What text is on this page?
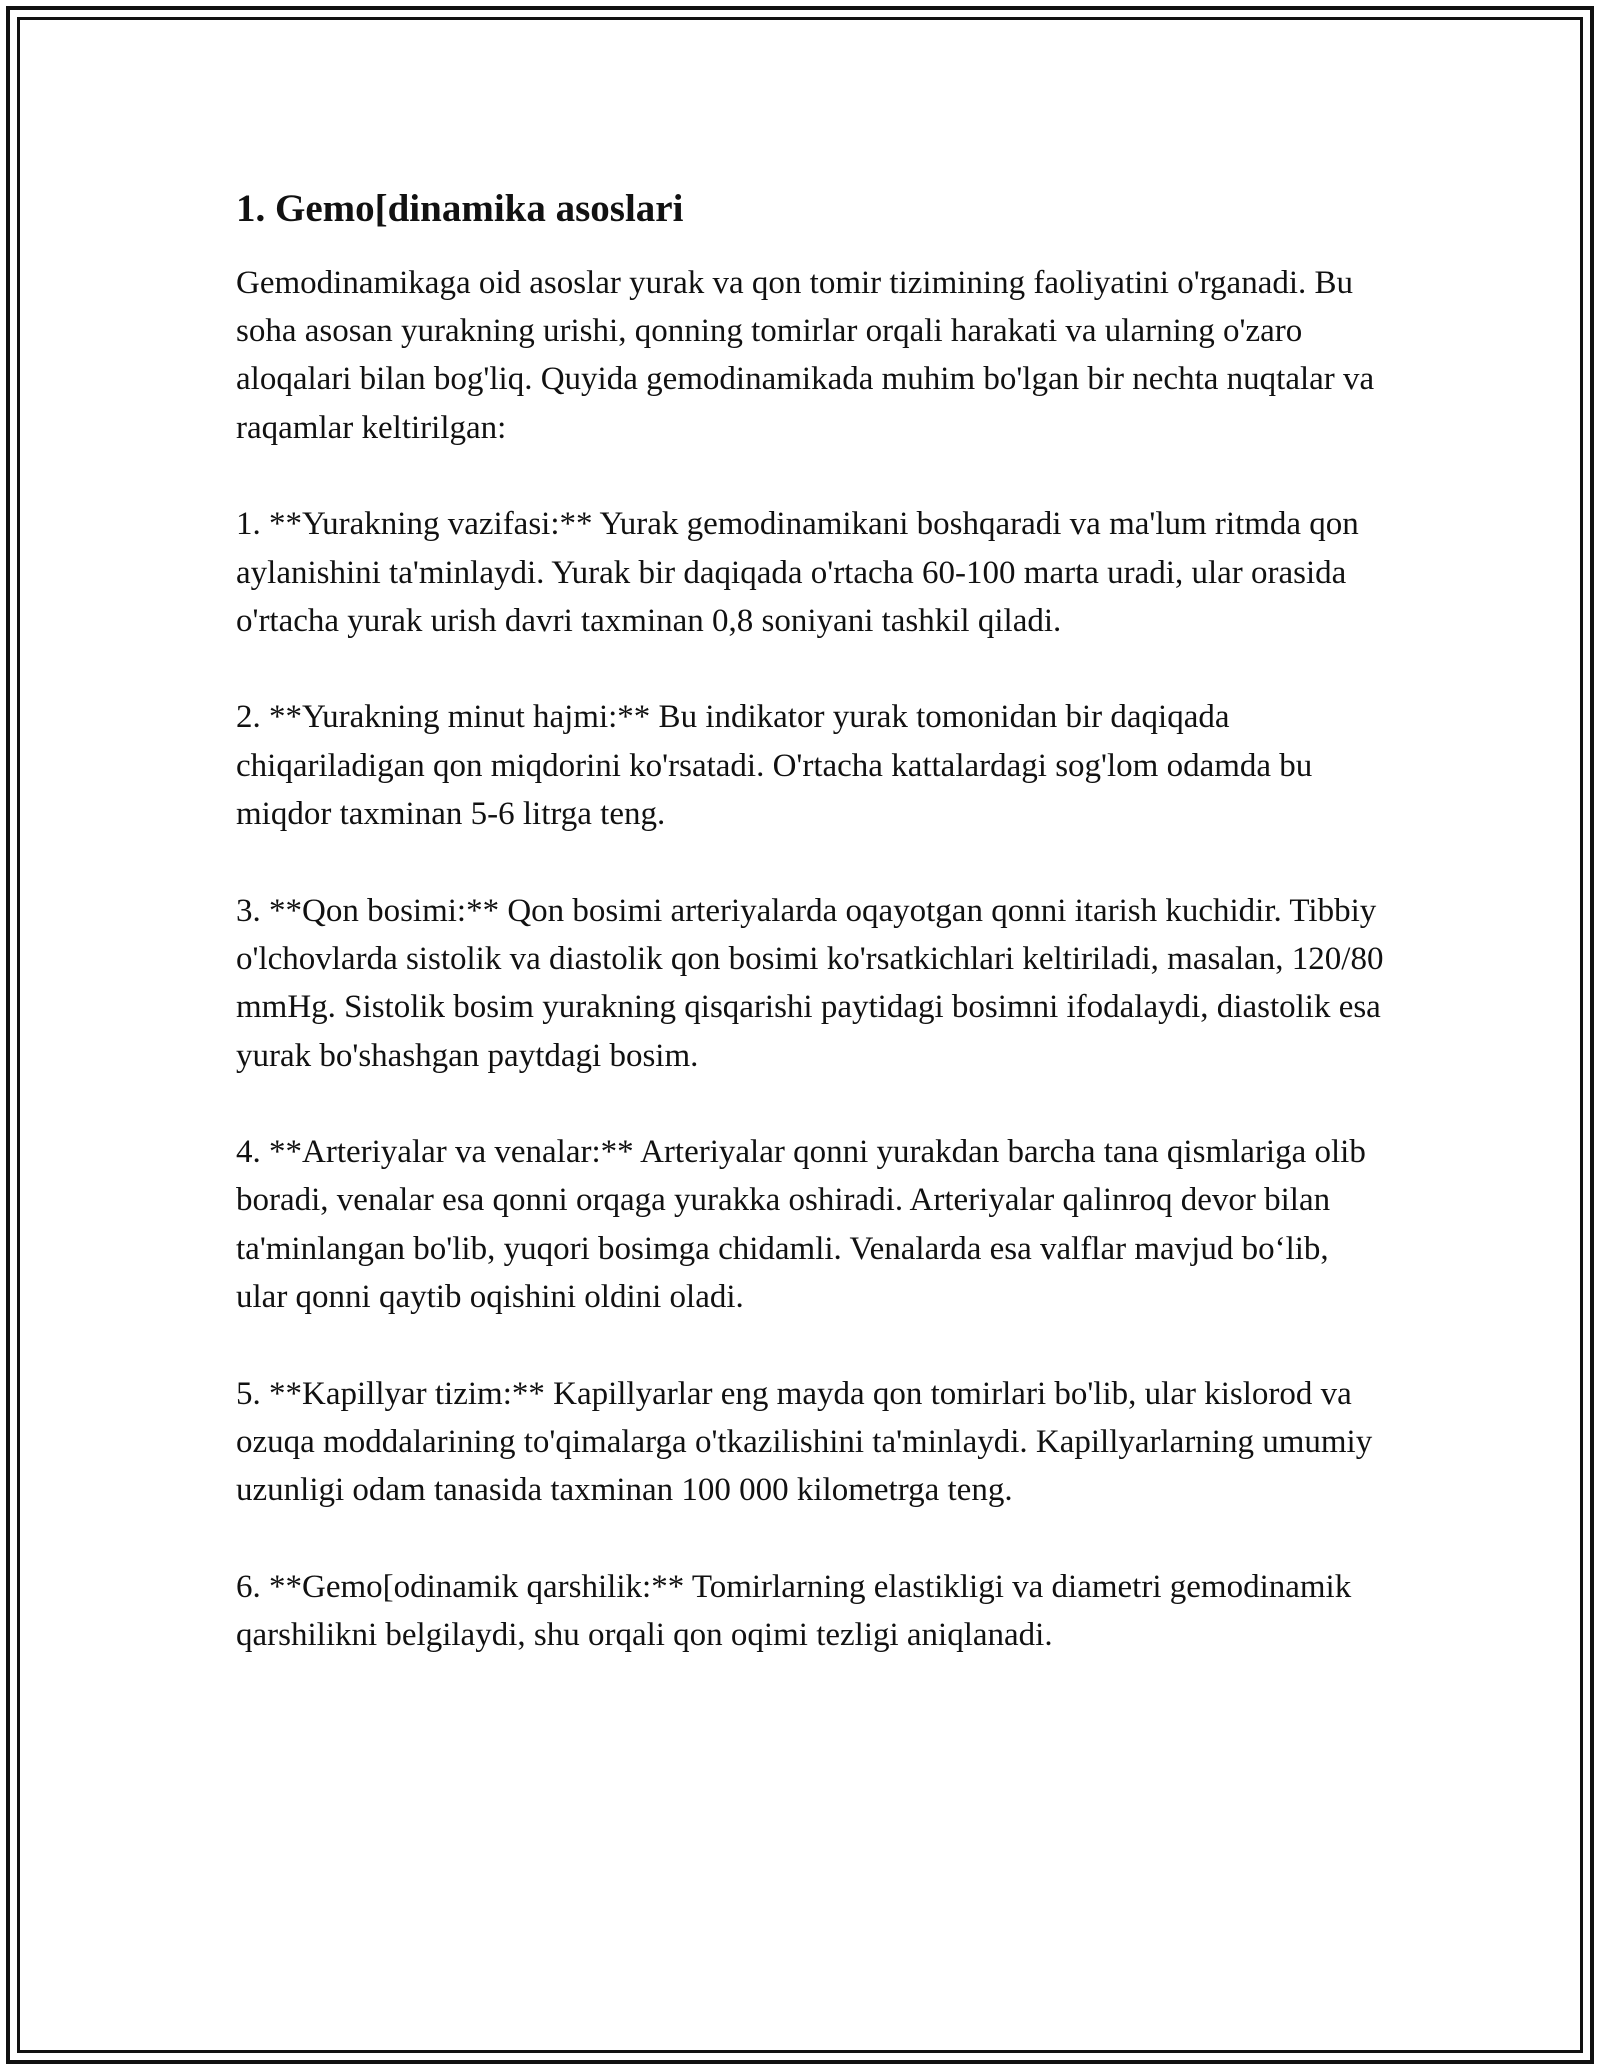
1. Gemo[dinamika asoslari

Gemodinamikaga oid asoslar yurak va qon tomir tizimining faoliyatini o'rganadi. Bu soha asosan yurakning urishi, qonning tomirlar orqali harakati va ularning o'zaro aloqalari bilan bog'liq. Quyida gemodinamikada muhim bo'lgan bir nechta nuqtalar va raqamlar keltirilgan:

1. **Yurakning vazifasi:** Yurak gemodinamikani boshqaradi va ma'lum ritmda qon aylanishini ta'minlaydi. Yurak bir daqiqada o'rtacha 60-100 marta uradi, ular orasida o'rtacha yurak urish davri taxminan 0,8 soniyani tashkil qiladi.

2. **Yurakning minut hajmi:** Bu indikator yurak tomonidan bir daqiqada chiqariladigan qon miqdorini ko'rsatadi. O'rtacha kattalardagi sog'lom odamda bu miqdor taxminan 5-6 litrga teng.

3. **Qon bosimi:** Qon bosimi arteriyalarda oqayotgan qonni itarish kuchidir. Tibbiy o'lchovlarda sistolik va diastolik qon bosimi ko'rsatkichlari keltiriladi, masalan, 120/80 mmHg. Sistolik bosim yurakning qisqarishi paytidagi bosimni ifodalaydi, diastolik esa yurak bo'shashgan paytdagi bosim.

4. **Arteriyalar va venalar:** Arteriyalar qonni yurakdan barcha tana qismlariga olib boradi, venalar esa qonni orqaga yurakka oshiradi. Arteriyalar qalinroq devor bilan ta'minlangan bo'lib, yuqori bosimga chidamli. Venalarda esa valflar mavjud bo‘lib, ular qonni qaytib oqishini oldini oladi.

5. **Kapillyar tizim:** Kapillyarlar eng mayda qon tomirlari bo'lib, ular kislorod va ozuqa moddalarining to'qimalarga o'tkazilishini ta'minlaydi. Kapillyarlarning umumiy uzunligi odam tanasida taxminan 100 000 kilometrga teng.

6. **Gemo[odinamik qarshilik:** Tomirlarning elastikligi va diametri gemodinamik qarshilikni belgilaydi, shu orqali qon oqimi tezligi aniqlanadi.
